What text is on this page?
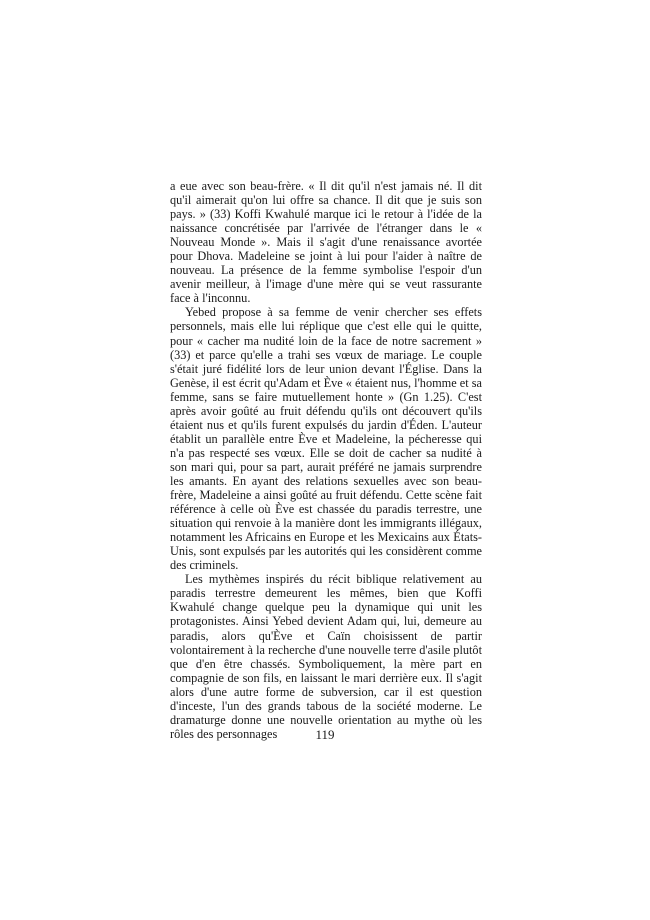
a eue avec son beau-frère. « Il dit qu'il n'est jamais né. Il dit qu'il aimerait qu'on lui offre sa chance. Il dit que je suis son pays. » (33) Koffi Kwahulé marque ici le retour à l'idée de la naissance concrétisée par l'arrivée de l'étranger dans le « Nouveau Monde ». Mais il s'agit d'une renaissance avortée pour Dhova. Madeleine se joint à lui pour l'aider à naître de nouveau. La présence de la femme symbolise l'espoir d'un avenir meilleur, à l'image d'une mère qui se veut rassurante face à l'inconnu.

Yebed propose à sa femme de venir chercher ses effets personnels, mais elle lui réplique que c'est elle qui le quitte, pour « cacher ma nudité loin de la face de notre sacrement » (33) et parce qu'elle a trahi ses vœux de mariage. Le couple s'était juré fidélité lors de leur union devant l'Église. Dans la Genèse, il est écrit qu'Adam et Ève « étaient nus, l'homme et sa femme, sans se faire mutuellement honte » (Gn 1.25). C'est après avoir goûté au fruit défendu qu'ils ont découvert qu'ils étaient nus et qu'ils furent expulsés du jardin d'Éden. L'auteur établit un parallèle entre Ève et Madeleine, la pécheresse qui n'a pas respecté ses vœux. Elle se doit de cacher sa nudité à son mari qui, pour sa part, aurait préféré ne jamais surprendre les amants. En ayant des relations sexuelles avec son beau-frère, Madeleine a ainsi goûté au fruit défendu. Cette scène fait référence à celle où Ève est chassée du paradis terrestre, une situation qui renvoie à la manière dont les immigrants illégaux, notamment les Africains en Europe et les Mexicains aux États-Unis, sont expulsés par les autorités qui les considèrent comme des criminels.

Les mythèmes inspirés du récit biblique relativement au paradis terrestre demeurent les mêmes, bien que Koffi Kwahulé change quelque peu la dynamique qui unit les protagonistes. Ainsi Yebed devient Adam qui, lui, demeure au paradis, alors qu'Ève et Caïn choisissent de partir volontairement à la recherche d'une nouvelle terre d'asile plutôt que d'en être chassés. Symboliquement, la mère part en compagnie de son fils, en laissant le mari derrière eux. Il s'agit alors d'une autre forme de subversion, car il est question d'inceste, l'un des grands tabous de la société moderne. Le dramaturge donne une nouvelle orientation au mythe où les rôles des personnages	119
